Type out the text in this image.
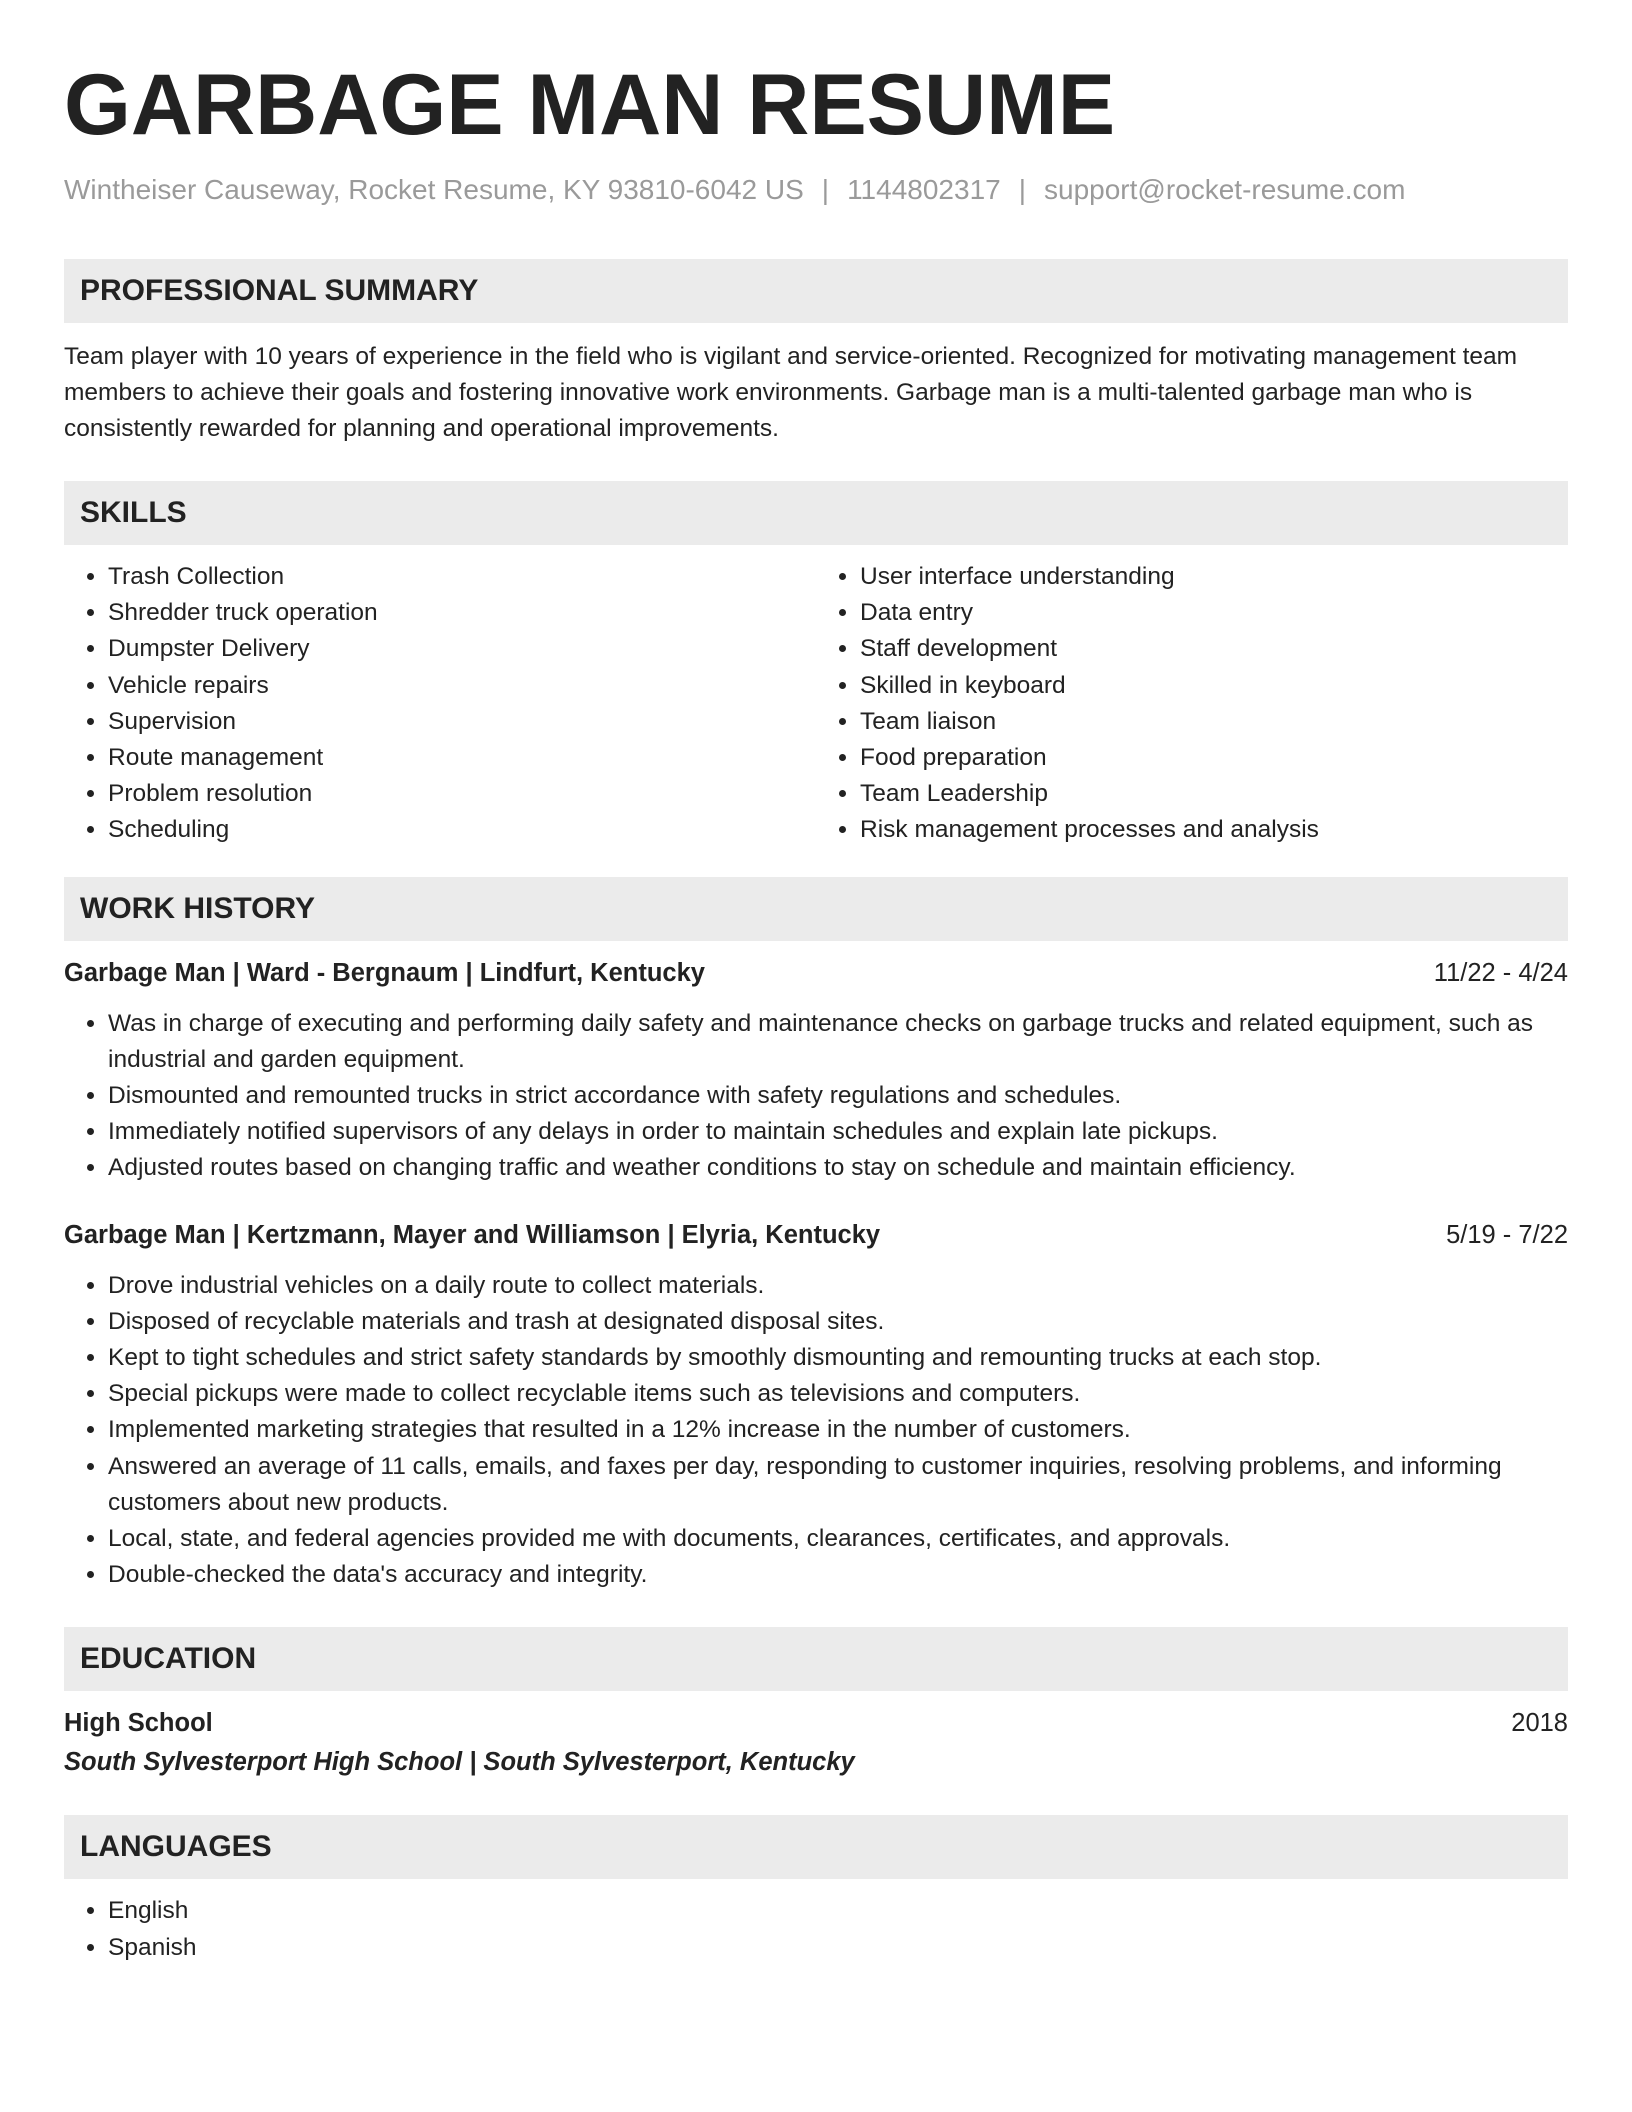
GARBAGE MAN RESUME
Wintheiser Causeway, Rocket Resume, KY 93810-6042 US | 1144802317 | support@rocket-resume.com
PROFESSIONAL SUMMARY

Team player with 10 years of experience in the field who is vigilant and service-oriented. Recognized for motivating management team members to achieve their goals and fostering innovative work environments. Garbage man is a multi-talented garbage man who is consistently rewarded for planning and operational improvements.

SKILLS
• Trash Collection
• Shredder truck operation
• Dumpster Delivery
• Vehicle repairs
• Supervision
• Route management
• Problem resolution
• Scheduling
• User interface understanding
• Data entry
• Staff development
• Skilled in keyboard
• Team liaison
• Food preparation
• Team Leadership
• Risk management processes and analysis
WORK HISTORY
Garbage Man | Ward - Bergnaum | Lindfurt, Kentucky	11/22 - 4/24
• Was in charge of executing and performing daily safety and maintenance checks on garbage trucks and related equipment, such as industrial and garden equipment.
• Dismounted and remounted trucks in strict accordance with safety regulations and schedules.
• Immediately notified supervisors of any delays in order to maintain schedules and explain late pickups.
• Adjusted routes based on changing traffic and weather conditions to stay on schedule and maintain efficiency.
Garbage Man | Kertzmann, Mayer and Williamson | Elyria, Kentucky	5/19 - 7/22
• Drove industrial vehicles on a daily route to collect materials.
• Disposed of recyclable materials and trash at designated disposal sites.
• Kept to tight schedules and strict safety standards by smoothly dismounting and remounting trucks at each stop.
• Special pickups were made to collect recyclable items such as televisions and computers.
• Implemented marketing strategies that resulted in a 12% increase in the number of customers.
• Answered an average of 11 calls, emails, and faxes per day, responding to customer inquiries, resolving problems, and informing customers about new products.
• Local, state, and federal agencies provided me with documents, clearances, certificates, and approvals.
• Double-checked the data's accuracy and integrity.
EDUCATION
High School	2018
South Sylvesterport High School | South Sylvesterport, Kentucky
LANGUAGES
• English
• Spanish
